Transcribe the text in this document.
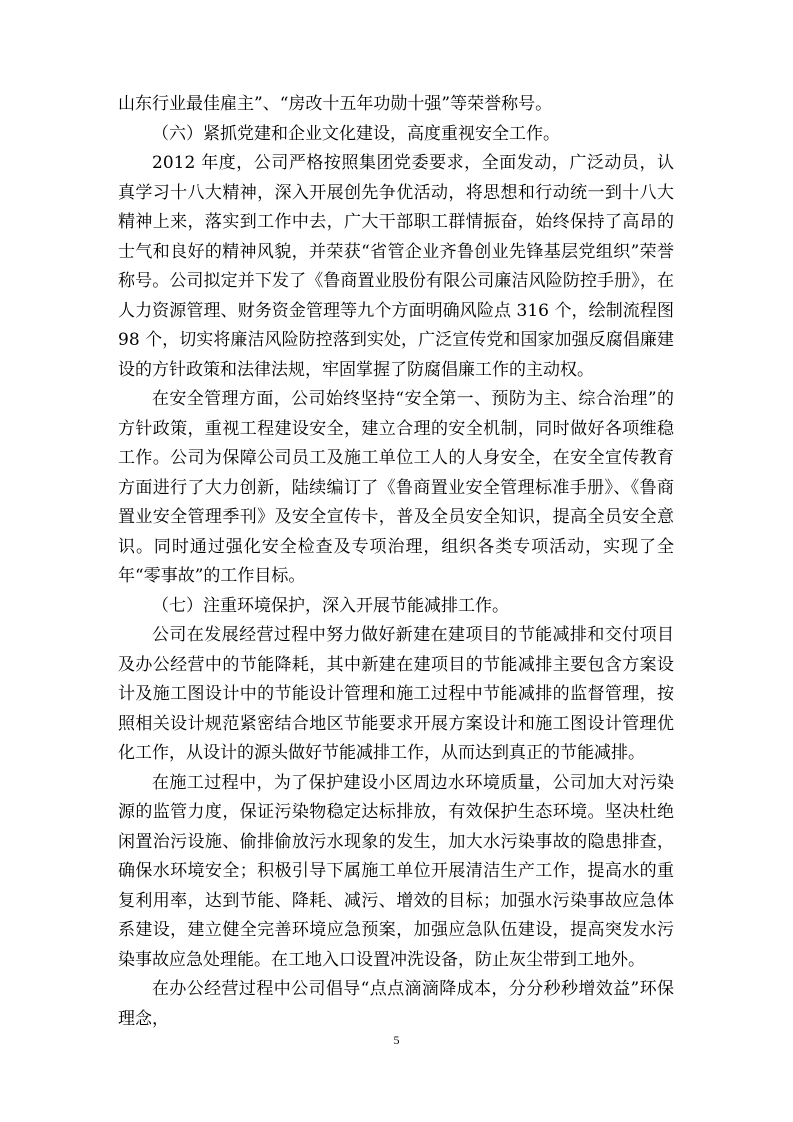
山东行业最佳雇主”、“房改十五年功勋十强”等荣誉称号。

（六）紧抓党建和企业文化建设，高度重视安全工作。

2012 年度，公司严格按照集团党委要求，全面发动，广泛动员，认真学习十八大精神，深入开展创先争优活动，将思想和行动统一到十八大精神上来，落实到工作中去，广大干部职工群情振奋，始终保持了高昂的士气和良好的精神风貌，并荣获“省管企业齐鲁创业先锋基层党组织”荣誉称号。公司拟定并下发了《鲁商置业股份有限公司廉洁风险防控手册》，在人力资源管理、财务资金管理等九个方面明确风险点 316 个，绘制流程图 98 个，切实将廉洁风险防控落到实处，广泛宣传党和国家加强反腐倡廉建设的方针政策和法律法规，牢固掌握了防腐倡廉工作的主动权。

在安全管理方面，公司始终坚持“安全第一、预防为主、综合治理”的方针政策，重视工程建设安全，建立合理的安全机制，同时做好各项维稳工作。公司为保障公司员工及施工单位工人的人身安全，在安全宣传教育方面进行了大力创新，陆续编订了《鲁商置业安全管理标准手册》、《鲁商置业安全管理季刊》及安全宣传卡，普及全员安全知识，提高全员安全意识。同时通过强化安全检查及专项治理，组织各类专项活动，实现了全年“零事故”的工作目标。

（七）注重环境保护，深入开展节能减排工作。

公司在发展经营过程中努力做好新建在建项目的节能减排和交付项目及办公经营中的节能降耗，其中新建在建项目的节能减排主要包含方案设计及施工图设计中的节能设计管理和施工过程中节能减排的监督管理，按照相关设计规范紧密结合地区节能要求开展方案设计和施工图设计管理优化工作，从设计的源头做好节能减排工作，从而达到真正的节能减排。

在施工过程中，为了保护建设小区周边水环境质量，公司加大对污染源的监管力度，保证污染物稳定达标排放，有效保护生态环境。坚决杜绝闲置治污设施、偷排偷放污水现象的发生，加大水污染事故的隐患排查，确保水环境安全；积极引导下属施工单位开展清洁生产工作，提高水的重复利用率，达到节能、降耗、减污、增效的目标；加强水污染事故应急体系建设，建立健全完善环境应急预案，加强应急队伍建设，提高突发水污染事故应急处理能。在工地入口设置冲洗设备，防止灰尘带到工地外。

在办公经营过程中公司倡导“点点滴滴降成本，分分秒秒增效益”环保理念，

5
